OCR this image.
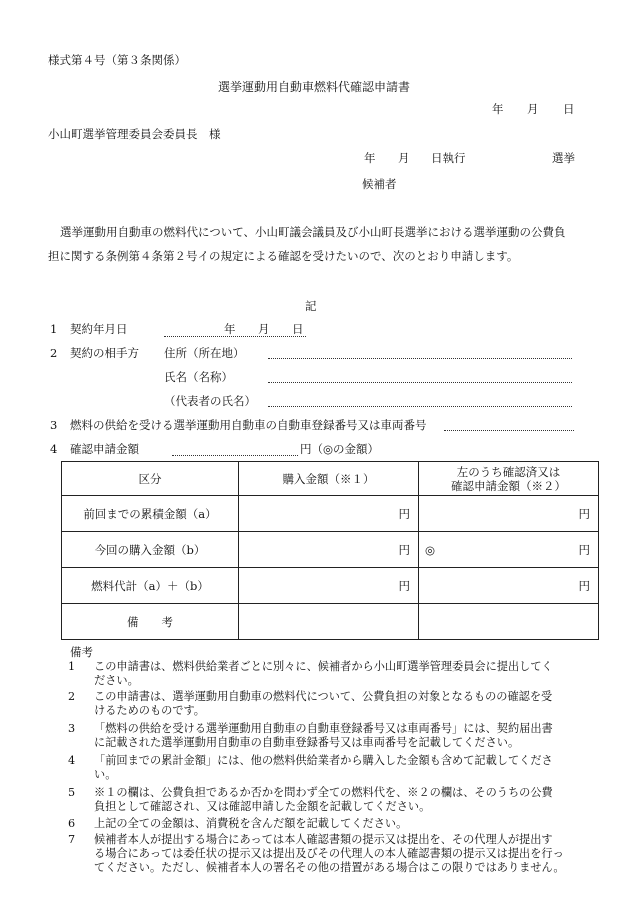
様式第４号（第３条関係）
選挙運動用自動車燃料代確認申請書
年 月 日
小山町選挙管理委員会委員長　様
年 月 日執行	選挙
候補者
選挙運動用自動車の燃料代について、小山町議会議員及び小山町長選挙における選挙運動の公費負
担に関する条例第４条第２号イの規定による確認を受けたいので、次のとおり申請します。
記
1 契約年月日	年 月 日
2 契約の相手方 住所（所在地）
氏名（名称）
（代表者の氏名）
3 燃料の供給を受ける選挙運動用自動車の自動車登録番号又は車両番号
4 確認申請金額	円（◎の金額）
区分	購入金額（※１）	左のうち確認済又は
確認申請金額（※２）

前回までの累積金額（a）	円	円
今回の購入金額（b）	円	◎ 円

燃料代計（a）＋（b）	円	円
備　　考		
備考
1 この申請書は、燃料供給業者ごとに別々に、候補者から小山町選挙管理委員会に提出してく
ださい。
2 この申請書は、選挙運動用自動車の燃料代について、公費負担の対象となるものの確認を受
けるためのものです。
3 「燃料の供給を受ける選挙運動用自動車の自動車登録番号又は車両番号」には、契約届出書
に記載された選挙運動用自動車の自動車登録番号又は車両番号を記載してください。
4 「前回までの累計金額」には、他の燃料供給業者から購入した金額も含めて記載してくださ
い。
5 ※１の欄は、公費負担であるか否かを問わず全ての燃料代を、※２の欄は、そのうちの公費
負担として確認され、又は確認申請した金額を記載してください。
6 上記の全ての金額は、消費税を含んだ額を記載してください。
7 候補者本人が提出する場合にあっては本人確認書類の提示又は提出を、その代理人が提出す
る場合にあっては委任状の提示又は提出及びその代理人の本人確認書類の提示又は提出を行っ
てください。ただし、候補者本人の署名その他の措置がある場合はこの限りではありません。
